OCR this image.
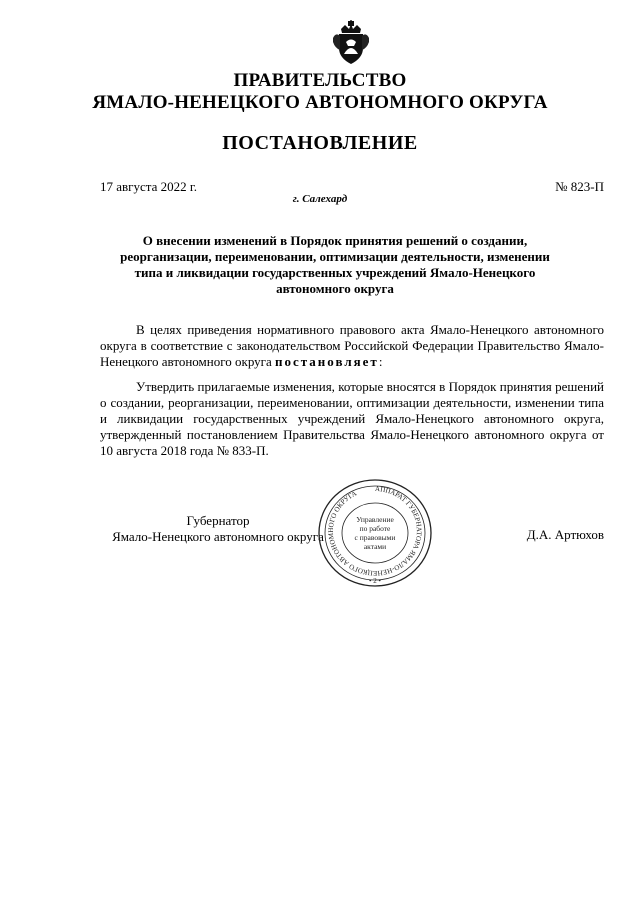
ПРАВИТЕЛЬСТВО
ЯМАЛО-НЕНЕЦКОГО АВТОНОМНОГО ОКРУГА
ПОСТАНОВЛЕНИЕ
17 августа 2022 г.	№ 823-П
г. Салехард
О внесении изменений в Порядок принятия решений о создании,
реорганизации, переименовании, оптимизации деятельности, изменении
типа и ликвидации государственных учреждений Ямало-Ненецкого
автономного округа
В целях приведения нормативного правового акта Ямало-Ненецкого автономного округа в соответствие с законодательством Российской Федерации Правительство Ямало-Ненецкого автономного округа постановляет:
Утвердить прилагаемые изменения, которые вносятся в Порядок принятия решений о создании, реорганизации, переименовании, оптимизации деятельности, изменении типа и ликвидации государственных учреждений Ямало-Ненецкого автономного округа, утвержденный постановлением Правительства Ямало-Ненецкого автономного округа от 10 августа 2018 года № 833-П.
Губернатор
Ямало-Ненецкого автономного округа	Д.А. Артюхов
АППАРАТ ГУБЕРНАТОРА ЯМАЛО-НЕНЕЦКОГО АВТОНОМНОГО ОКРУГА
Управление
по работе
с правовыми
актами
• 2 •
